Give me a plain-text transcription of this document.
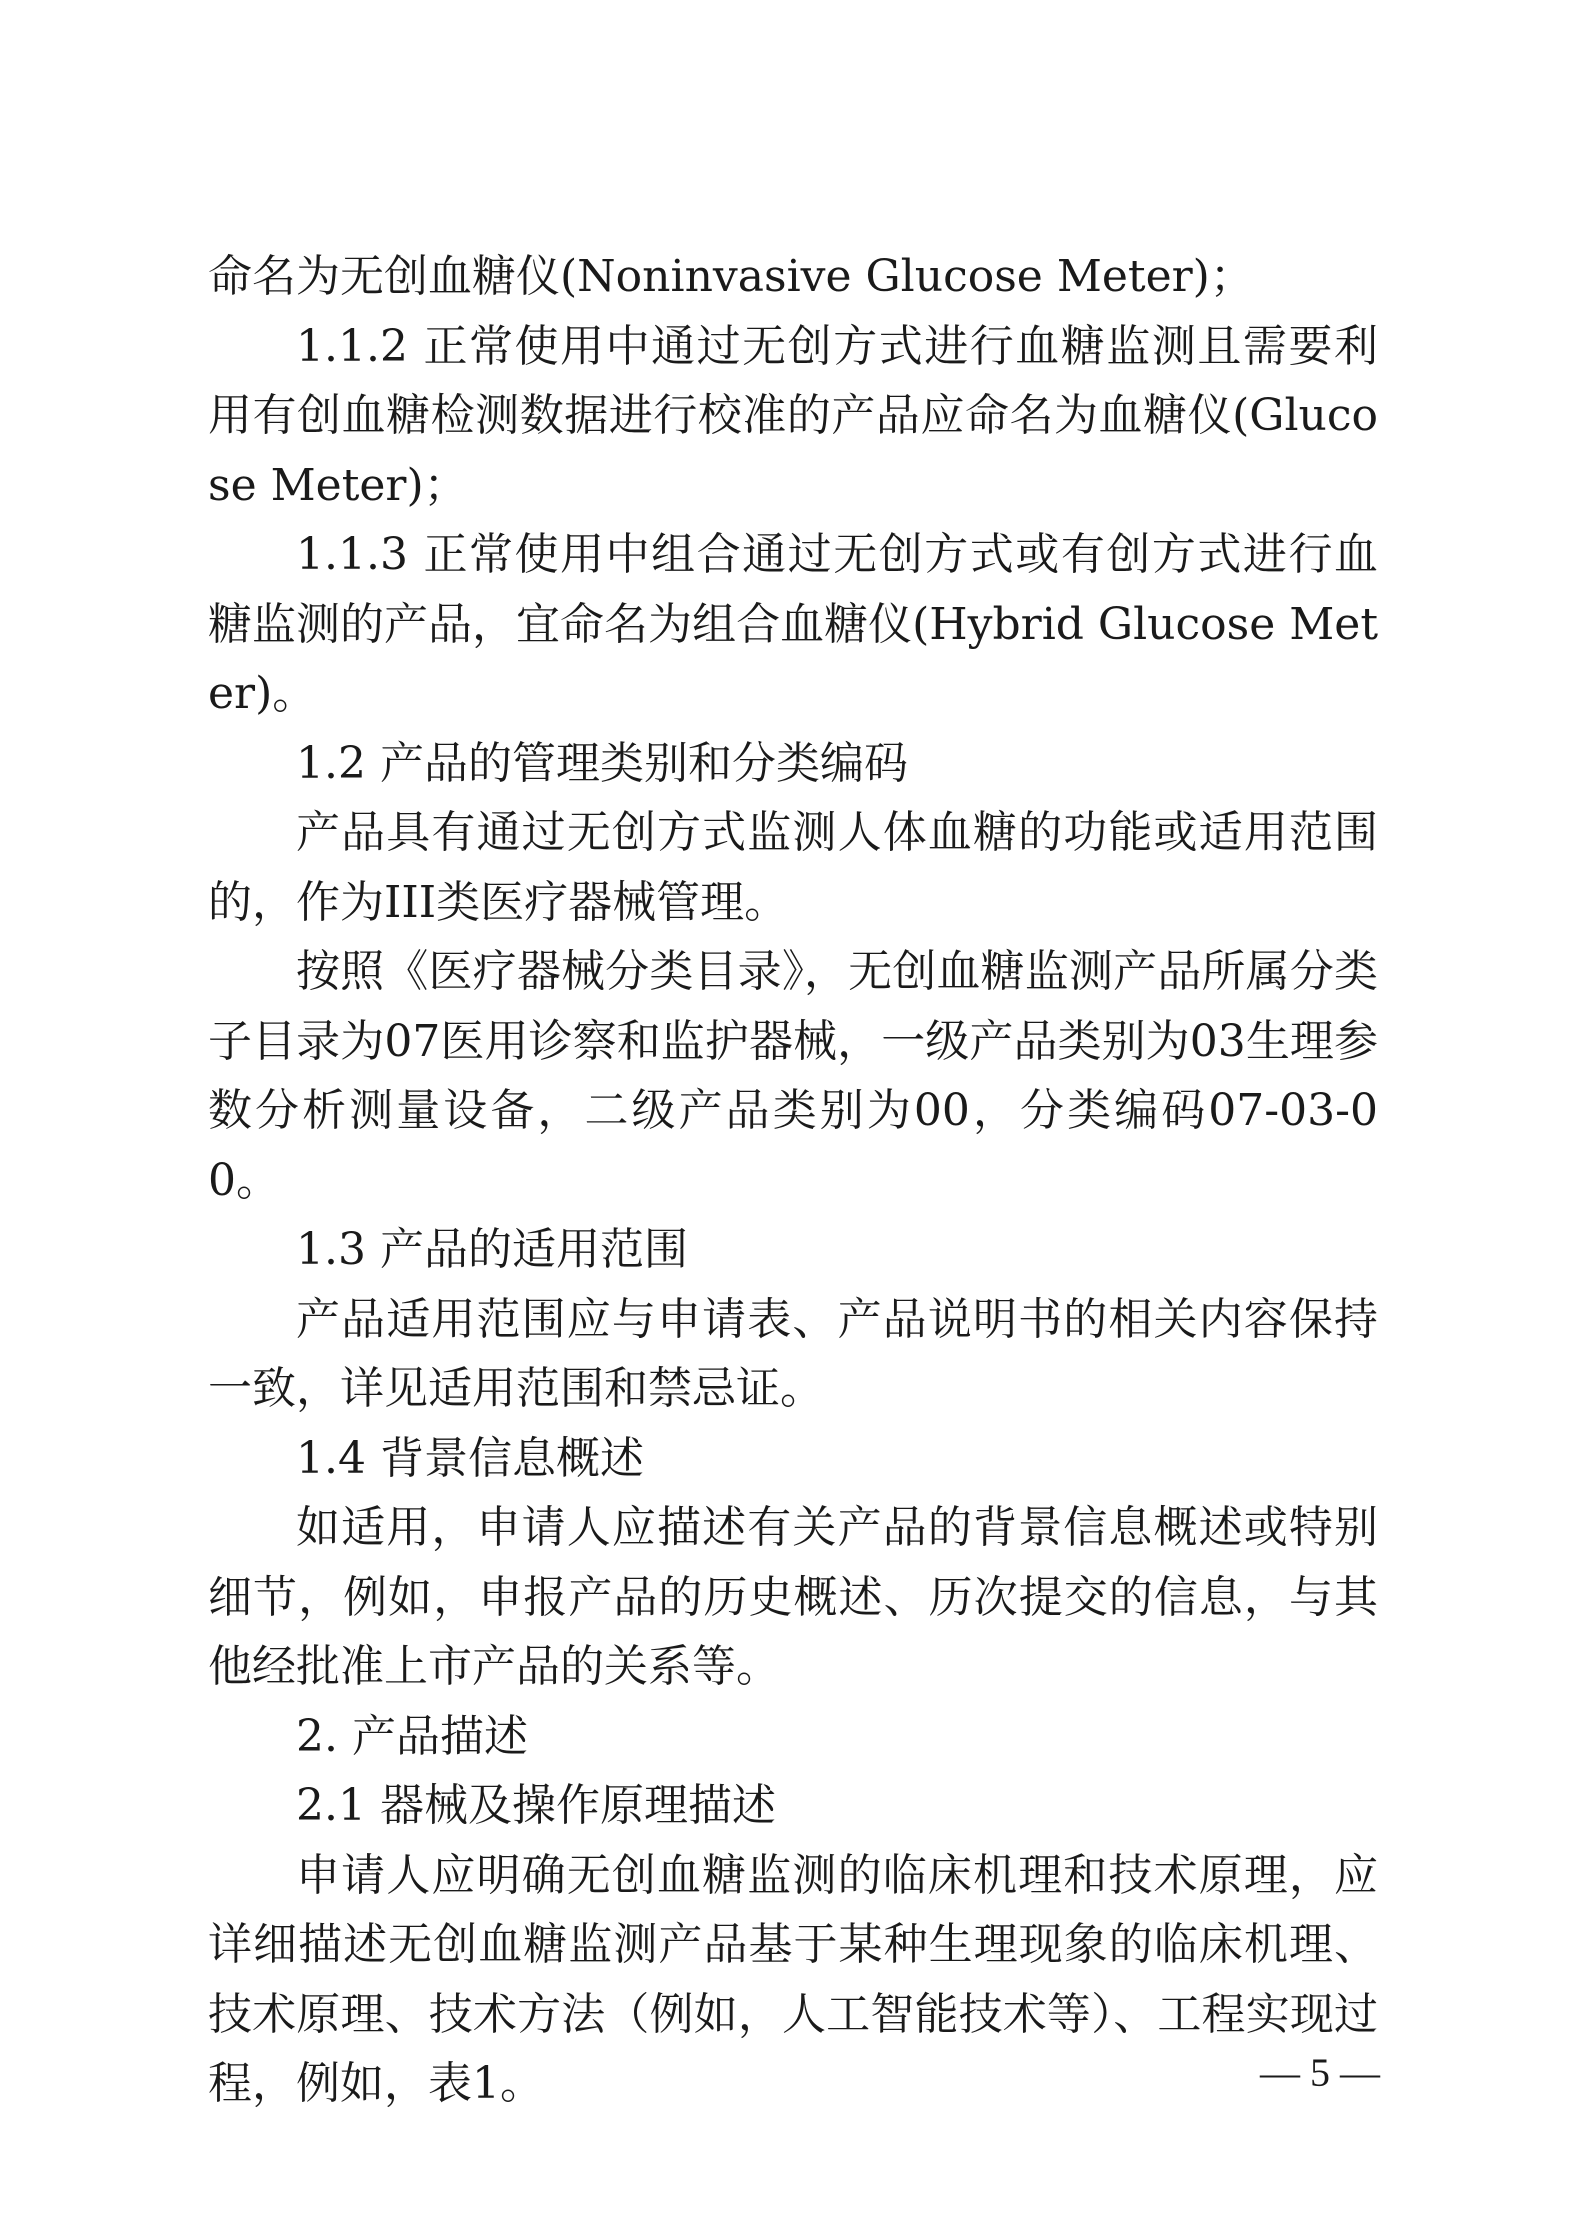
命名为无创血糖仪(Noninvasive Glucose Meter)；

1.1.2 正常使用中通过无创方式进行血糖监测且需要利用有创血糖检测数据进行校准的产品应命名为血糖仪(Glucose Meter)；

1.1.3 正常使用中组合通过无创方式或有创方式进行血糖监测的产品，宜命名为组合血糖仪(Hybrid Glucose Meter)。

1.2 产品的管理类别和分类编码

产品具有通过无创方式监测人体血糖的功能或适用范围的，作为III类医疗器械管理。

按照《医疗器械分类目录》，无创血糖监测产品所属分类子目录为07医用诊察和监护器械，一级产品类别为03生理参数分析测量设备，二级产品类别为00，分类编码07-03-00。

1.3 产品的适用范围

产品适用范围应与申请表、产品说明书的相关内容保持一致，详见适用范围和禁忌证。

1.4 背景信息概述

如适用，申请人应描述有关产品的背景信息概述或特别细节，例如，申报产品的历史概述、历次提交的信息，与其他经批准上市产品的关系等。

2. 产品描述

2.1 器械及操作原理描述

申请人应明确无创血糖监测的临床机理和技术原理，应详细描述无创血糖监测产品基于某种生理现象的临床机理、技术原理、技术方法（例如，人工智能技术等）、工程实现过程，例如，表1。	— 5 —
